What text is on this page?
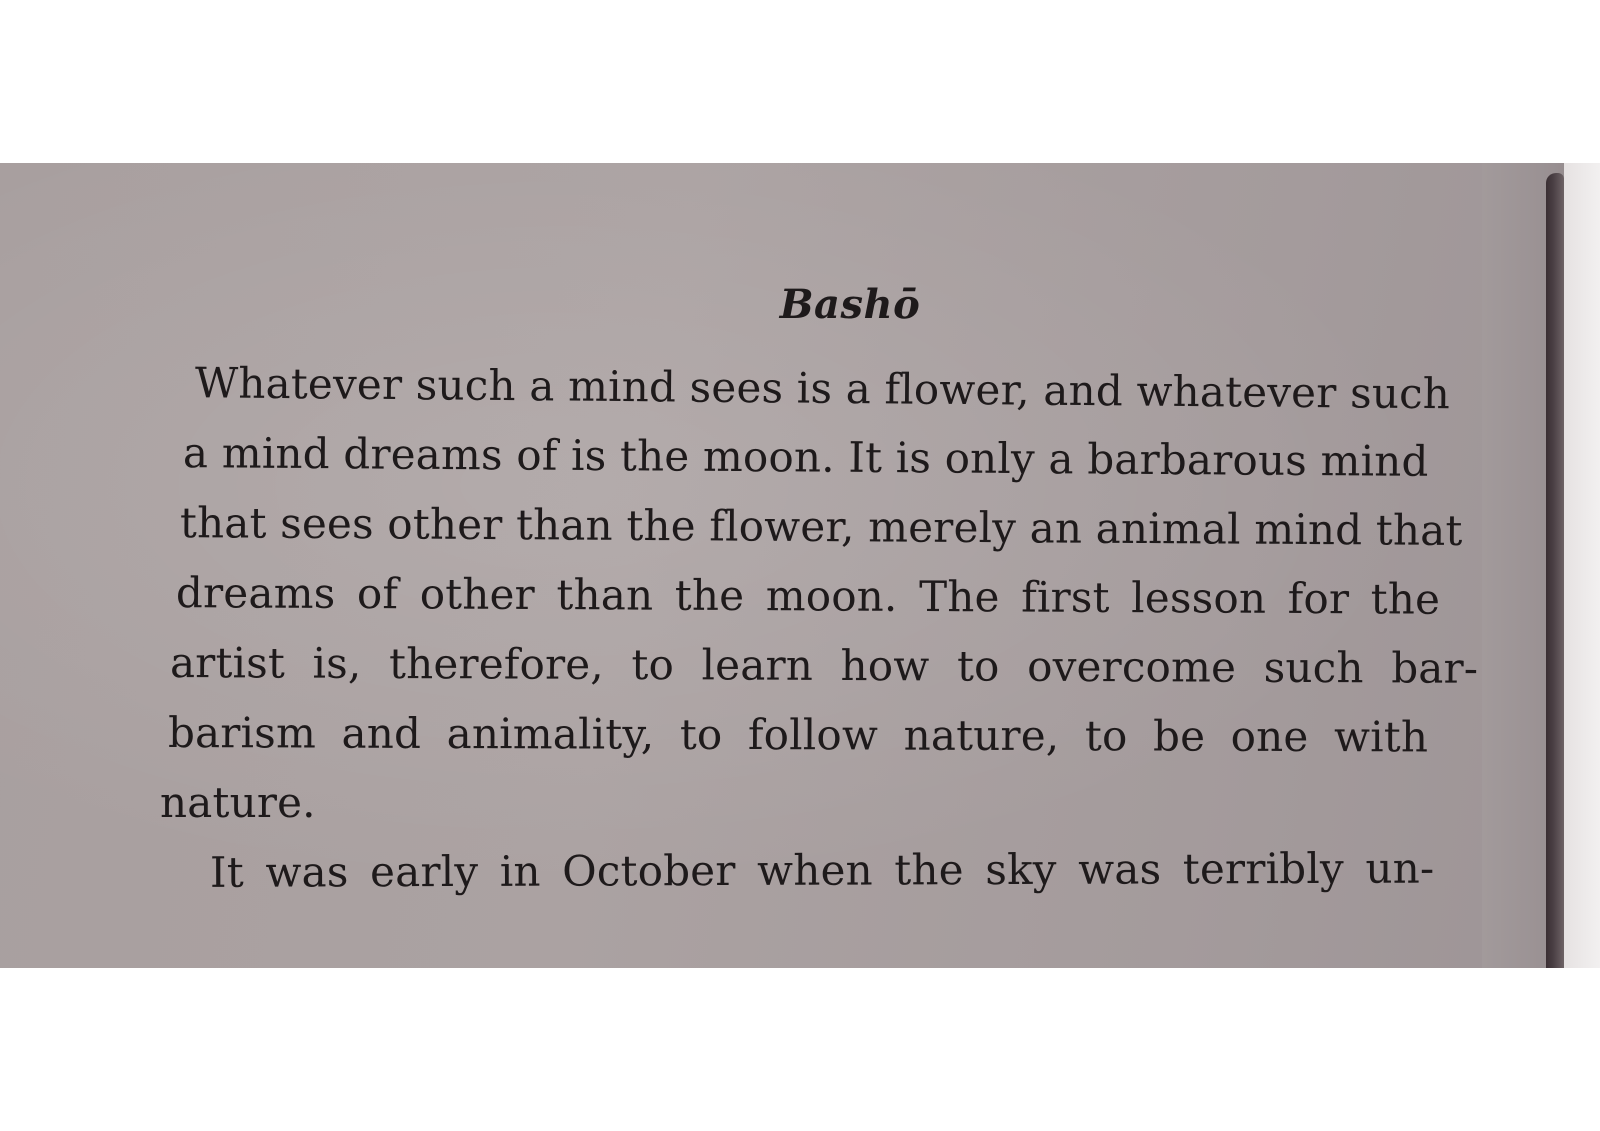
Bashō
Whatever such a mind sees is a flower, and whatever such
a mind dreams of is the moon. It is only a barbarous mind
that sees other than the flower, merely an animal mind that
dreams of other than the moon. The first lesson for the
artist is, therefore, to learn how to overcome such bar-
barism and animality, to follow nature, to be one with
nature.
It was early in October when the sky was terribly un-
